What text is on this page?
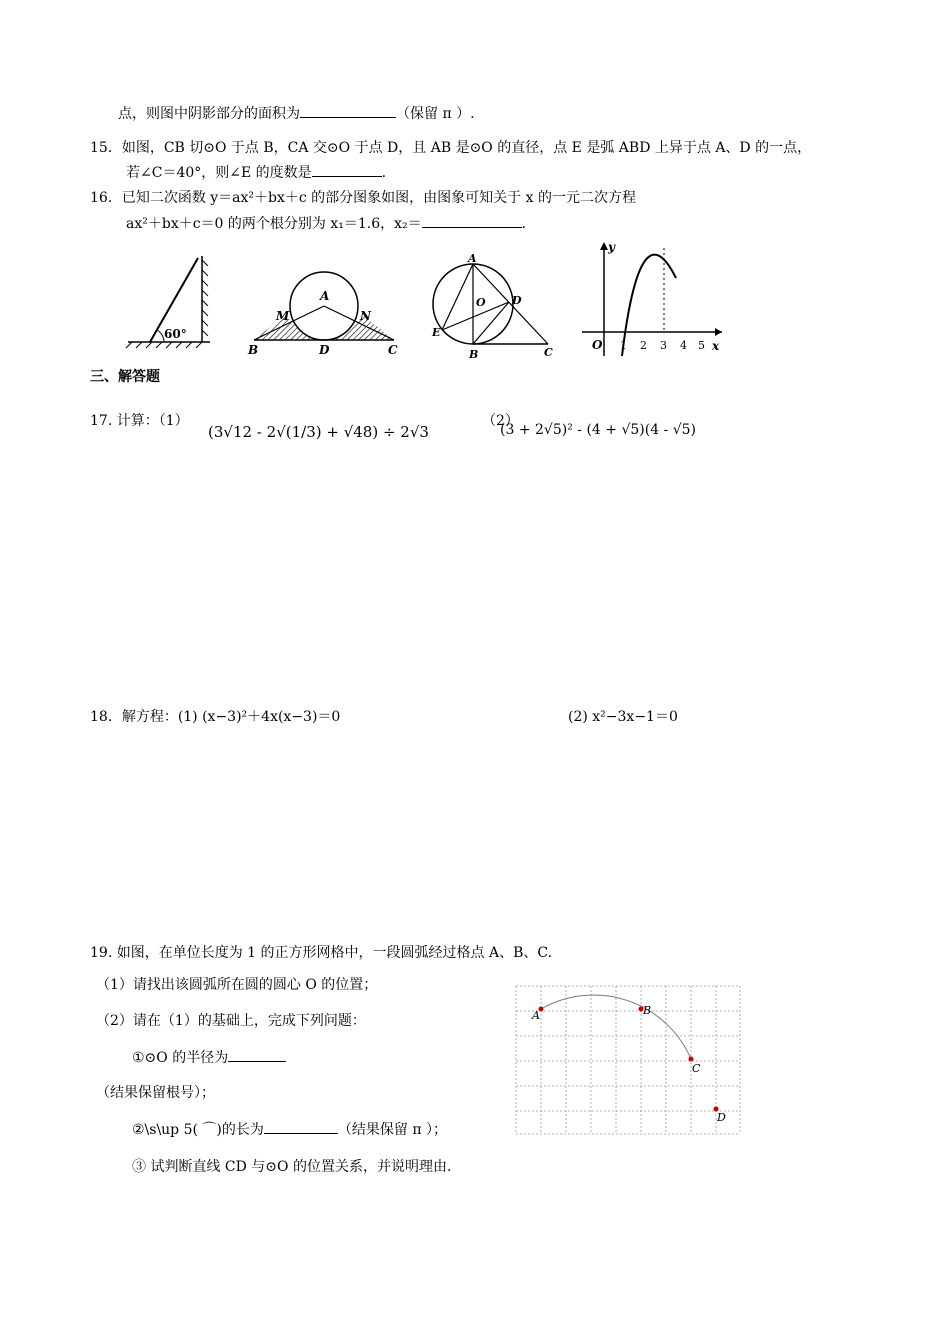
点，则图中阴影部分的面积为	（保留 π ）.
15．如图，CB 切⊙O 于点 B，CA 交⊙O 于点 D，且 AB 是⊙O 的直径，点 E 是弧 ABD 上异于点 A、D 的一点，
若∠C＝40°，则∠E 的度数是	.
16．已知二次函数 y＝ax²＋bx＋c 的部分图象如图，由图象可知关于 x 的一元二次方程
ax²＋bx＋c＝0 的两个根分别为 x₁＝1.6，x₂＝	.
60°
A
M	N
B	D	C
A
O D
E
B	C
y
x
O 1 2 3 4 5
三、解答题
17. 计算：（1）
(3√12 - 2√(1/3) + √48) ÷ 2√3
（2）
(3 + 2√5)² - (4 + √5)(4 - √5)
18．解方程：(1) (x−3)²＋4x(x−3)＝0	(2) x²−3x−1＝0
19. 如图，在单位长度为 1 的正方形网格中，一段圆弧经过格点 A、B、C.
（1）请找出该圆弧所在圆的圆心 O 的位置；
（2）请在（1）的基础上，完成下列问题：
①⊙O 的半径为
（结果保留根号）；
②\s\up 5( ⌒)的长为	（结果保留 π ）；
③ 试判断直线 CD 与⊙O 的位置关系，并说明理由.
A	B
C
D
